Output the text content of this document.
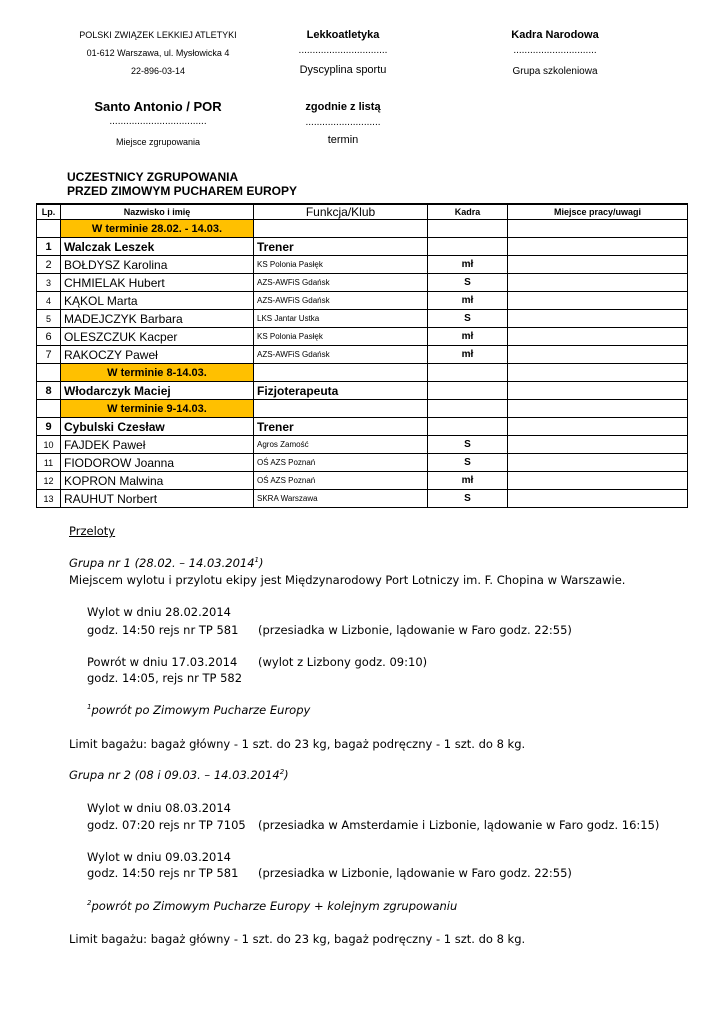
POLSKI ZWIĄZEK LEKKIEJ ATLETYKI
01-612 Warszawa, ul. Mysłowicka 4
22-896-03-14
Lekkoatletyka
................................
Dyscyplina sportu
Kadra Narodowa
..............................
Grupa szkoleniowa
Santo Antonio / POR
...................................
Miejsce zgrupowania
zgodnie z listą
...........................
termin
UCZESTNICY ZGRUPOWANIA
PRZED ZIMOWYM PUCHAREM EUROPY
Lp.	Nazwisko i imię	Funkcja/Klub	Kadra	Miejsce pracy/uwagi
	W terminie 28.02. - 14.03.			
1	Walczak Leszek	Trener		
2	BOŁDYSZ Karolina	KS Polonia Pasłęk	mł	
3	CHMIELAK Hubert	AZS-AWFiS Gdańsk	S	
4	KĄKOL Marta	AZS-AWFiS Gdańsk	mł	
5	MADEJCZYK Barbara	LKS Jantar Ustka	S	
6	OLESZCZUK Kacper	KS Polonia Pasłęk	mł	
7	RAKOCZY Paweł	AZS-AWFiS Gdańsk	mł	
	W terminie 8-14.03.			
8	Włodarczyk Maciej	Fizjoterapeuta		
	W terminie 9-14.03.			
9	Cybulski Czesław	Trener		
10	FAJDEK Paweł	Agros Zamość	S	
11	FIODOROW Joanna	OŚ AZS Poznań	S	
12	KOPRON Malwina	OŚ AZS Poznań	mł	
13	RAUHUT Norbert	SKRA Warszawa	S	
Przeloty
Grupa nr 1 (28.02. – 14.03.2014$^1$)
Miejscem wylotu i przylotu ekipy jest Międzynarodowy Port Lotniczy im. F. Chopina w Warszawie.
Wylot w dniu 28.02.2014
godz. 14:50 rejs nr TP 581 (przesiadka w Lizbonie, lądowanie w Faro godz. 22:55)
Powrót w dniu 17.03.2014 (wylot z Lizbony godz. 09:10)
godz. 14:05, rejs nr TP 582
$^1$powrót po Zimowym Pucharze Europy
Limit bagażu: bagaż główny - 1 szt. do 23 kg, bagaż podręczny - 1 szt. do 8 kg.
Grupa nr 2 (08 i 09.03. – 14.03.2014$^2$)
Wylot w dniu 08.03.2014
godz. 07:20 rejs nr TP 7105 (przesiadka w Amsterdamie i Lizbonie, lądowanie w Faro godz. 16:15)
Wylot w dniu 09.03.2014
godz. 14:50 rejs nr TP 581 (przesiadka w Lizbonie, lądowanie w Faro godz. 22:55)
$^2$powrót po Zimowym Pucharze Europy + kolejnym zgrupowaniu
Limit bagażu: bagaż główny - 1 szt. do 23 kg, bagaż podręczny - 1 szt. do 8 kg.
